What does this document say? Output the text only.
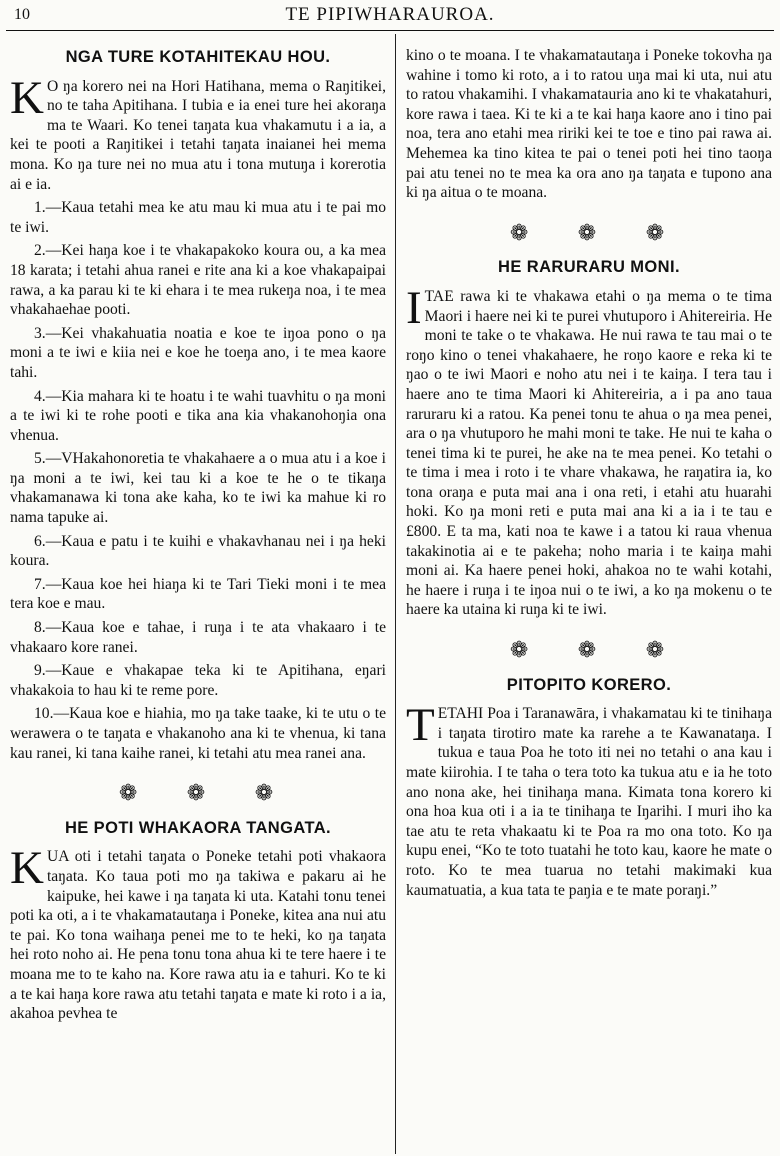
10	TE PIPIWHARAUROA.
NGA TURE KOTAHITEKAU HOU.

K O ŋa korero nei na Hori Hatihana, mema o Raŋitikei, no te taha Apitihana. I tubia e ia enei ture hei akoraŋa ma te Waari. Ko tenei taŋata kua vhakamutu i a ia, a kei te pooti a Raŋitikei i tetahi taŋata inaianei hei mema mona. Ko ŋa ture nei no mua atu i tona mutuŋa i korerotia ai e ia.

1.—Kaua tetahi mea ke atu mau ki mua atu i te pai mo te iwi.

2.—Kei haŋa koe i te vhakapakoko koura ou, a ka mea 18 karata; i tetahi ahua ranei e rite ana ki a koe vhakapaipai rawa, a ka parau ki te ki ehara i te mea rukeŋa noa, i te mea vhakahaehae pooti.

3.—Kei vhakahuatia noatia e koe te iŋoa pono o ŋa moni a te iwi e kiia nei e koe he toeŋa ano, i te mea kaore tahi.

4.—Kia mahara ki te hoatu i te wahi tuavhitu o ŋa moni a te iwi ki te rohe pooti e tika ana kia vhakanohoŋia ona vhenua.

5.—VHakahonoretia te vhakahaere a o mua atu i a koe i ŋa moni a te iwi, kei tau ki a koe te he o te tikaŋa vhakamanawa ki tona ake kaha, ko te iwi ka mahue ki ro nama tapuke ai.

6.—Kaua e patu i te kuihi e vhakavhanau nei i ŋa heki koura.

7.—Kaua koe hei hiaŋa ki te Tari Tieki moni i te mea tera koe e mau.

8.—Kaua koe e tahae, i ruŋa i te ata vhakaaro i te vhakaaro kore ranei.

9.—Kaue e vhakapae teka ki te Apitihana, eŋari vhakakoia to hau ki te reme pore.

10.—Kaua koe e hiahia, mo ŋa take taake, ki te utu o te werawera o te taŋata e vhakanoho ana ki te vhenua, ki tana kau ranei, ki tana kaihe ranei, ki tetahi atu mea ranei ana.

❁ ❁ ❁
HE POTI WHAKAORA TANGATA.

KUA oti i tetahi taŋata o Poneke tetahi poti vhakaora taŋata. Ko taua poti mo ŋa takiwa e pakaru ai he kaipuke, hei kawe i ŋa taŋata ki uta. Katahi tonu tenei poti ka oti, a i te vhakamatautaŋa i Poneke, kitea ana nui atu te pai. Ko tona waihaŋa penei me to te heki, ko ŋa taŋata hei roto noho ai. He pena tonu tona ahua ki te tere haere i te moana me to te kaho na. Kore rawa atu ia e tahuri. Ko te ki a te kai haŋa kore rawa atu tetahi taŋata e mate ki roto i a ia, akahoa pevhea te

kino o te moana. I te vhakamatautaŋa i Poneke tokovha ŋa wahine i tomo ki roto, a i to ratou uŋa mai ki uta, nui atu to ratou vhakamihi. I vhakamatauria ano ki te vhakatahuri, kore rawa i taea. Ki te ki a te kai haŋa kaore ano i tino pai noa, tera ano etahi mea ririki kei te toe e tino pai rawa ai. Mehemea ka tino kitea te pai o tenei poti hei tino taoŋa pai atu tenei no te mea ka ora ano ŋa taŋata e tupono ana ki ŋa aitua o te moana.

❁ ❁ ❁
HE RARURARU MONI.

ITAE rawa ki te vhakawa etahi o ŋa mema o te tima Maori i haere nei ki te purei vhutuporo i Ahitereiria. He moni te take o te vhakawa. He nui rawa te tau mai o te roŋo kino o tenei vhakahaere, he roŋo kaore e reka ki te ŋao o te iwi Maori e noho atu nei i te kaiŋa. I tera tau i haere ano te tima Maori ki Ahitereiria, a i pa ano taua raruraru ki a ratou. Ka penei tonu te ahua o ŋa mea penei, ara o ŋa vhutuporo he mahi moni te take. He nui te kaha o tenei tima ki te purei, he ake na te mea penei. Ko tetahi o te tima i mea i roto i te vhare vhakawa, he raŋatira ia, ko tona oraŋa e puta mai ana i ona reti, i etahi atu huarahi hoki. Ko ŋa moni reti e puta mai ana ki a ia i te tau e £800. E ta ma, kati noa te kawe i a tatou ki raua vhenua takakinotia ai e te pakeha; noho maria i te kaiŋa mahi moni ai. Ka haere penei hoki, ahakoa no te wahi kotahi, he haere i ruŋa i te iŋoa nui o te iwi, a ko ŋa mokenu o te haere ka utaina ki ruŋa ki te iwi.

❁ ❁ ❁
PITOPITO KORERO.

TETAHI Poa i Taranawāra, i vhakamatau ki te tinihaŋa i taŋata tirotiro mate ka rarehe a te Kawanataŋa. I tukua e taua Poa he toto iti nei no tetahi o ana kau i mate kiirohia. I te taha o tera toto ka tukua atu e ia he toto ano nona ake, hei tinihaŋa mana. Kimata tona korero ki ona hoa kua oti i a ia te tinihaŋa te Iŋarihi. I muri iho ka tae atu te reta vhakaatu ki te Poa ra mo ona toto. Ko ŋa kupu enei, “Ko te toto tuatahi he toto kau, kaore he mate o roto. Ko te mea tuarua no tetahi makimaki kua kaumatuatia, a kua tata te paŋia e te mate poraŋi.”
